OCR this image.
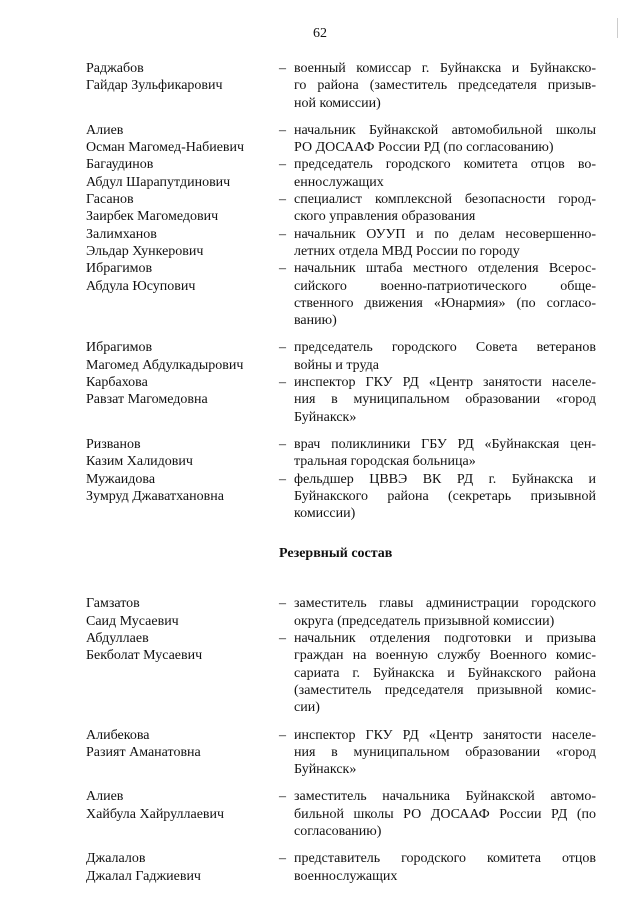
62
Раджабов
Гайдар Зульфикарович
– военный комиссар г. Буйнакска и Буйнакско-
го района (заместитель председателя призыв-
ной комиссии)
Алиев
Осман Магомед-Набиевич
– начальник Буйнакской автомобильной школы
РО ДОСААФ России РД (по согласованию)
Багаудинов
Абдул Шарапутдинович
– председатель городского комитета отцов во-
еннослужащих
Гасанов
Заирбек Магомедович
– специалист комплексной безопасности город-
ского управления образования
Залимханов
Эльдар Хункерович
– начальник ОУУП и по делам несовершенно-
летних отдела МВД России по городу
Ибрагимов
Абдула Юсупович
– начальник штаба местного отделения Всерос-
сийского военно-патриотического обще-
ственного движения «Юнармия» (по согласо-
ванию)
Ибрагимов
Магомед Абдулкадырович
– председатель городского Совета ветеранов
войны и труда
Карбахова
Равзат Магомедовна
– инспектор ГКУ РД «Центр занятости населе-
ния в муниципальном образовании «город
Буйнакск»
Ризванов
Казим Халидович
– врач поликлиники ГБУ РД «Буйнакская цен-
тральная городская больница»
Мужаидова
Зумруд Джаватхановна
– фельдшер ЦВВЭ ВК РД г. Буйнакска и
Буйнакского района (секретарь призывной
комиссии)
Резервный состав
Гамзатов
Саид Мусаевич
– заместитель главы администрации городского
округа (председатель призывной комиссии)
Абдуллаев
Бекболат Мусаевич
– начальник отделения подготовки и призыва
граждан на военную службу Военного комис-
сариата г. Буйнакска и Буйнакского района
(заместитель председателя призывной комис-
сии)
Алибекова
Разият Аманатовна
– инспектор ГКУ РД «Центр занятости населе-
ния в муниципальном образовании «город
Буйнакск»
Алиев
Хайбула Хайруллаевич
– заместитель начальника Буйнакской автомо-
бильной школы РО ДОСААФ России РД (по
согласованию)
Джалалов
Джалал Гаджиевич
– представитель городского комитета отцов
военнослужащих
